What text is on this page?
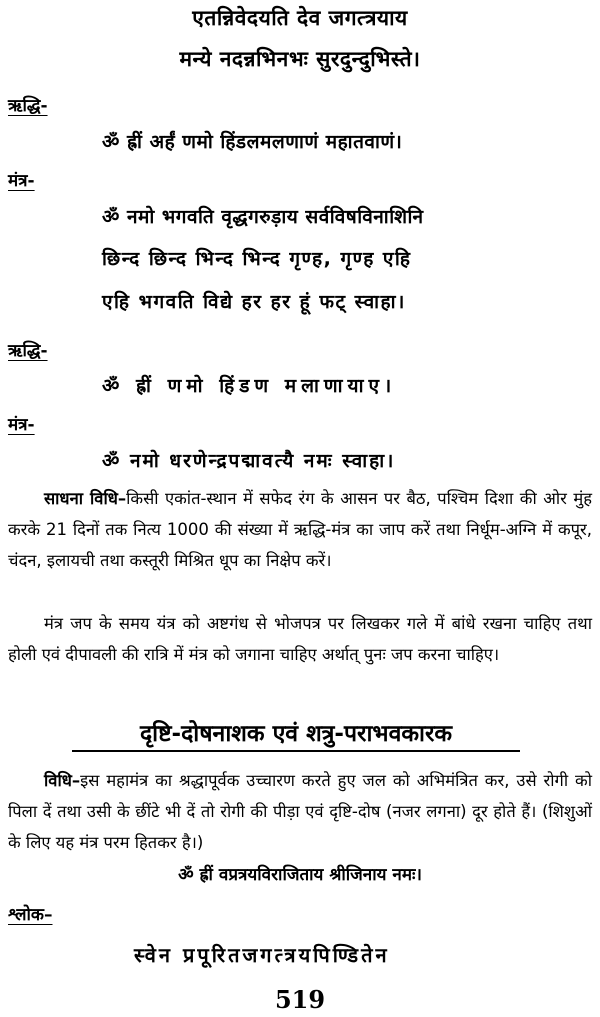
एतन्निवेदयति देव जगत्त्रयाय
मन्ये नदन्नभिनभः सुरदुन्दुभिस्ते।
ऋद्धि-
ॐ ह्रीं अर्हं णमो हिंडलमलणाणं महातवाणं।
मंत्र-
ॐ नमो भगवति वृद्धगरुड़ाय सर्वविषविनाशिनि
छिन्द छिन्द भिन्द भिन्द गृण्ह, गृण्ह एहि
एहि भगवति विद्ये हर हर हूं फट् स्वाहा।
ऋद्धि-
ॐ ह्रीं णमो हिंडण मलाणायाए।
मंत्र-
ॐ नमो धरणेन्द्रपद्मावत्यै नमः स्वाहा।
साधना विधि–किसी एकांत-स्थान में सफेद रंग के आसन पर बैठ, पश्चिम दिशा की ओर मुंह करके 21 दिनों तक नित्य 1000 की संख्या में ऋद्धि-मंत्र का जाप करें तथा निर्धूम-अग्नि में कपूर, चंदन, इलायची तथा कस्तूरी मिश्रित धूप का निक्षेप करें।
मंत्र जप के समय यंत्र को अष्टगंध से भोजपत्र पर लिखकर गले में बांधे रखना चाहिए तथा होली एवं दीपावली की रात्रि में मंत्र को जगाना चाहिए अर्थात् पुनः जप करना चाहिए।
दृष्टि-दोषनाशक एवं शत्रु-पराभवकारक
विधि–इस महामंत्र का श्रद्धापूर्वक उच्चारण करते हुए जल को अभिमंत्रित कर, उसे रोगी को पिला दें तथा उसी के छींटे भी दें तो रोगी की पीड़ा एवं दृष्टि-दोष (नजर लगना) दूर होते हैं। (शिशुओं के लिए यह मंत्र परम हितकर है।)
ॐ ह्रीं वप्रत्रयविराजिताय श्रीजिनाय नमः।
श्लोक–
स्वेन प्रपूरितजगत्त्रयपिण्डितेन
519
